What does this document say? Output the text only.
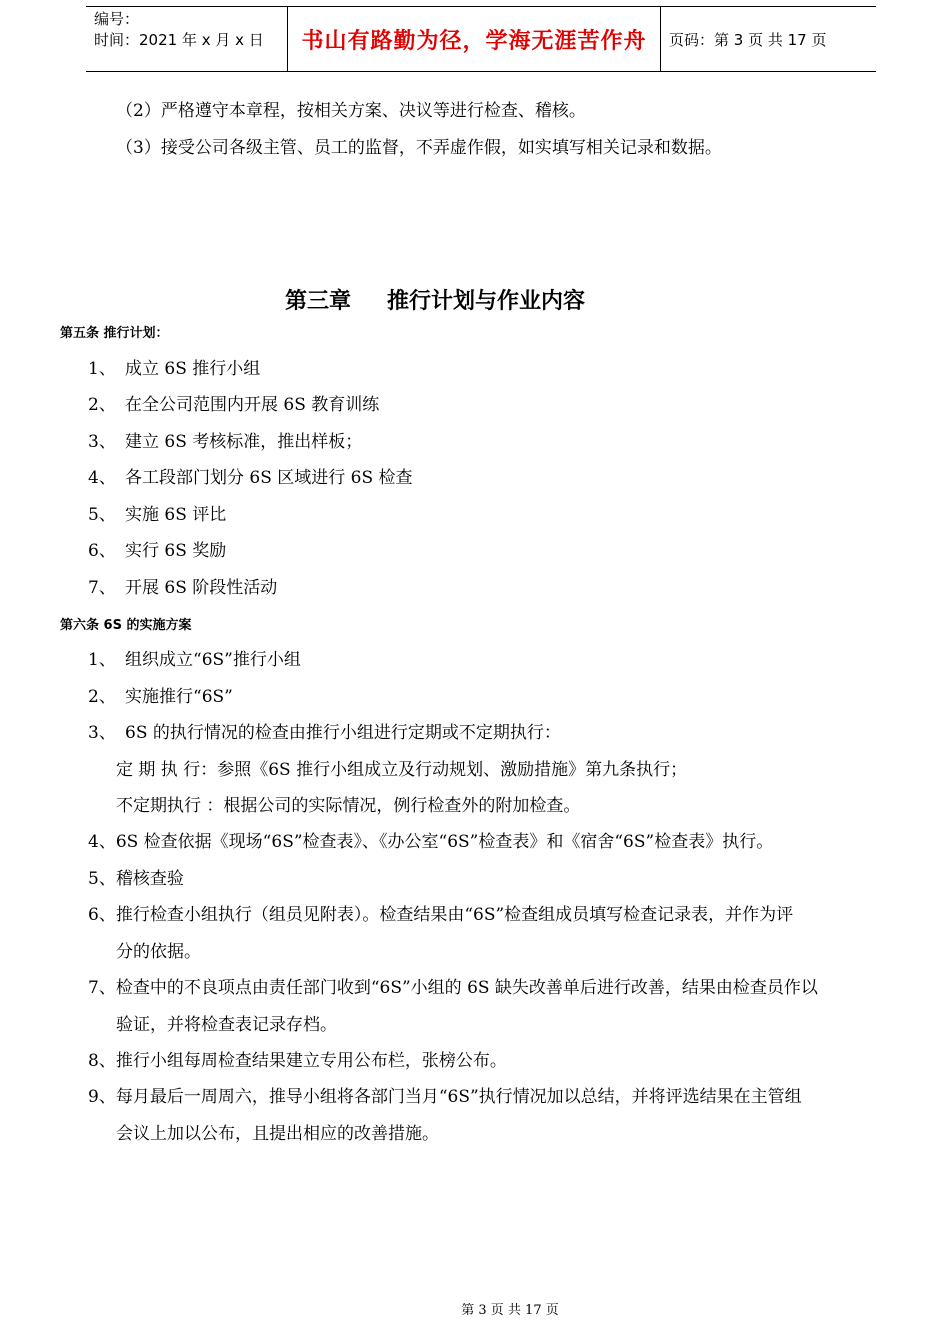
编号：
时间：2021 年 x 月 x 日	书山有路勤为径，学海无涯苦作舟	页码：第 3 页 共 17 页
（2）严格遵守本章程，按相关方案、决议等进行检查、稽核。
（3）接受公司各级主管、员工的监督，不弄虚作假，如实填写相关记录和数据。
第三章 推行计划与作业内容
第五条 推行计划：
1、 成立 6S 推行小组
2、 在全公司范围内开展 6S 教育训练
3、 建立 6S 考核标准，推出样板；
4、 各工段部门划分 6S 区域进行 6S 检查
5、 实施 6S 评比
6、 实行 6S 奖励
7、 开展 6S 阶段性活动
第六条 6S 的实施方案
1、 组织成立“6S”推行小组
2、 实施推行“6S”
3、 6S 的执行情况的检查由推行小组进行定期或不定期执行：
定 期 执 行：参照《6S 推行小组成立及行动规划、激励措施》第九条执行；
不定期执行 ：根据公司的实际情况，例行检查外的附加检查。
4、6S 检查依据《现场“6S”检查表》、《办公室“6S”检查表》和《宿舍“6S”检查表》执行。
5、稽核查验
6、推行检查小组执行（组员见附表）。检查结果由“6S”检查组成员填写检查记录表，并作为评
分的依据。
7、检查中的不良项点由责任部门收到“6S”小组的 6S 缺失改善单后进行改善，结果由检查员作以
验证，并将检查表记录存档。
8、推行小组每周检查结果建立专用公布栏，张榜公布。
9、每月最后一周周六，推导小组将各部门当月“6S”执行情况加以总结，并将评选结果在主管组
会议上加以公布，且提出相应的改善措施。
第 3 页 共 17 页
